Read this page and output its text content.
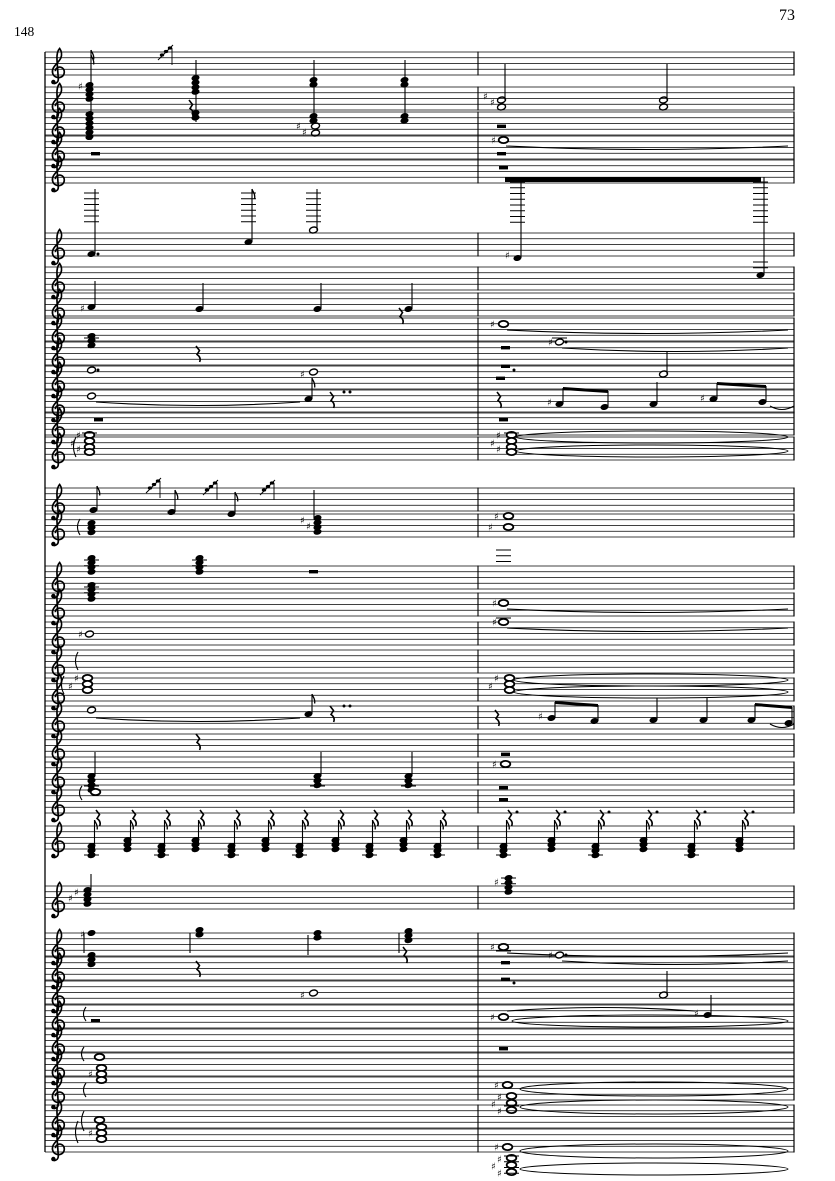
73
148
♯
♯
♯
♯
♯
♯
♯
♯
♯
♯
♯
♯	♯
♯
♯
♯
♯
♯
♯
♯
♯
♯
♯
♯
♯
♯
♯
♯
♯
♯
♯
♯
♯
♯
♯
♯
♯
♯
♯
♯	♯
♯
♯
♯
♯
♯
♯
♯
♯
♯
♯
